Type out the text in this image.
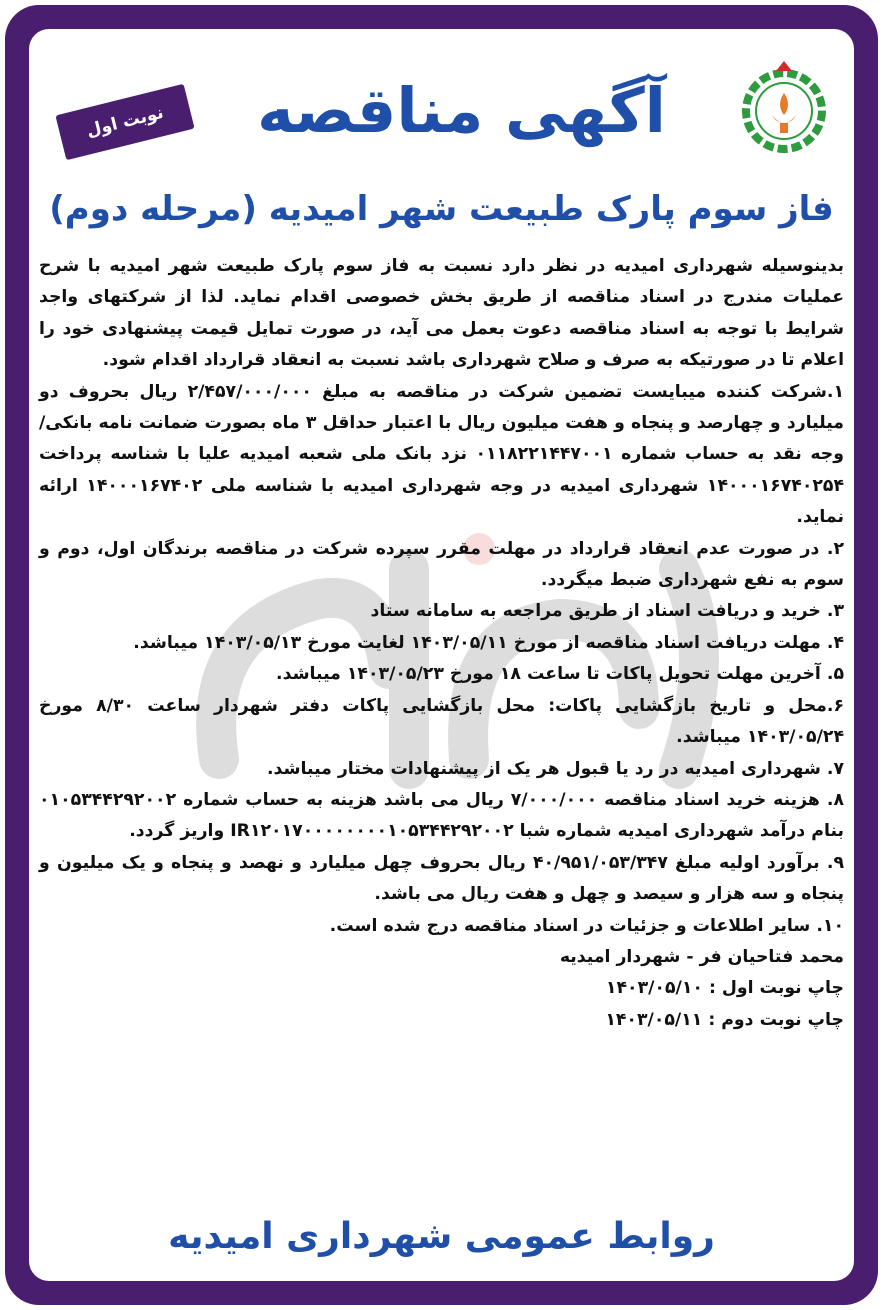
نوبت اول	آگهی مناقصه
فاز سوم پارک طبیعت شهر امیدیه (مرحله دوم)

بدینوسیله شهرداری امیدیه در نظر دارد نسبت به فاز سوم پارک طبیعت شهر امیدیه با شرح عملیات مندرج در اسناد مناقصه از طریق بخش خصوصی اقدام نماید. لذا از شرکتهای واجد شرایط با توجه به اسناد مناقصه دعوت بعمل می آید، در صورت تمایل قیمت پیشنهادی خود را اعلام تا در صورتیکه به صرف و صلاح شهرداری باشد نسبت به انعقاد قرارداد اقدام شود.

۱.شرکت کننده میبایست تضمین شرکت در مناقصه به مبلغ ۲/۴۵۷/۰۰۰/۰۰۰ ریال بحروف دو میلیارد و چهارصد و پنجاه و هفت میلیون ریال با اعتبار حداقل ۳ ماه بصورت ضمانت نامه بانکی/وجه نقد به حساب شماره ۰۱۱۸۲۲۱۴۴۷۰۰۱ نزد بانک ملی شعبه امیدیه علیا با شناسه پرداخت ۱۴۰۰۰۱۶۷۴۰۲۵۴ شهرداری امیدیه در وجه شهرداری امیدیه با شناسه ملی ۱۴۰۰۰۱۶۷۴۰۲ ارائه نماید.

۲. در صورت عدم انعقاد قرارداد در مهلت مقرر سپرده شرکت در مناقصه برندگان اول، دوم و سوم به نفع شهرداری ضبط میگردد.

۳. خرید و دریافت اسناد از طریق مراجعه به سامانه ستاد

۴. مهلت دریافت اسناد مناقصه از مورخ ۱۴۰۳/۰۵/۱۱ لغایت مورخ ۱۴۰۳/۰۵/۱۳ میباشد.

۵. آخرین مهلت تحویل پاکات تا ساعت ۱۸ مورخ ۱۴۰۳/۰۵/۲۳ میباشد.

۶.محل و تاریخ بازگشایی پاکات: محل بازگشایی پاکات دفتر شهردار ساعت ۸/۳۰ مورخ ۱۴۰۳/۰۵/۲۴ میباشد.

۷. شهرداری امیدیه در رد یا قبول هر یک از پیشنهادات مختار میباشد.

۸. هزینه خرید اسناد مناقصه ۷/۰۰۰/۰۰۰ ریال می باشد هزینه به حساب شماره ۰۱۰۵۳۴۴۲۹۲۰۰۲ بنام درآمد شهرداری امیدیه شماره شبا IR۱۲۰۱۷۰۰۰۰۰۰۰۰۱۰۵۳۴۴۲۹۲۰۰۲ واریز گردد.

۹. برآورد اولیه مبلغ ۴۰/۹۵۱/۰۵۳/۳۴۷ ریال بحروف چهل میلیارد و نهصد و پنجاه و یک میلیون و پنجاه و سه هزار و سیصد و چهل و هفت ریال می باشد.

۱۰. سایر اطلاعات و جزئیات در اسناد مناقصه درج شده است.

محمد فتاحیان فر - شهردار امیدیه

چاپ نوبت اول : ۱۴۰۳/۰۵/۱۰

چاپ نوبت دوم : ۱۴۰۳/۰۵/۱۱

روابط عمومی شهرداری امیدیه
